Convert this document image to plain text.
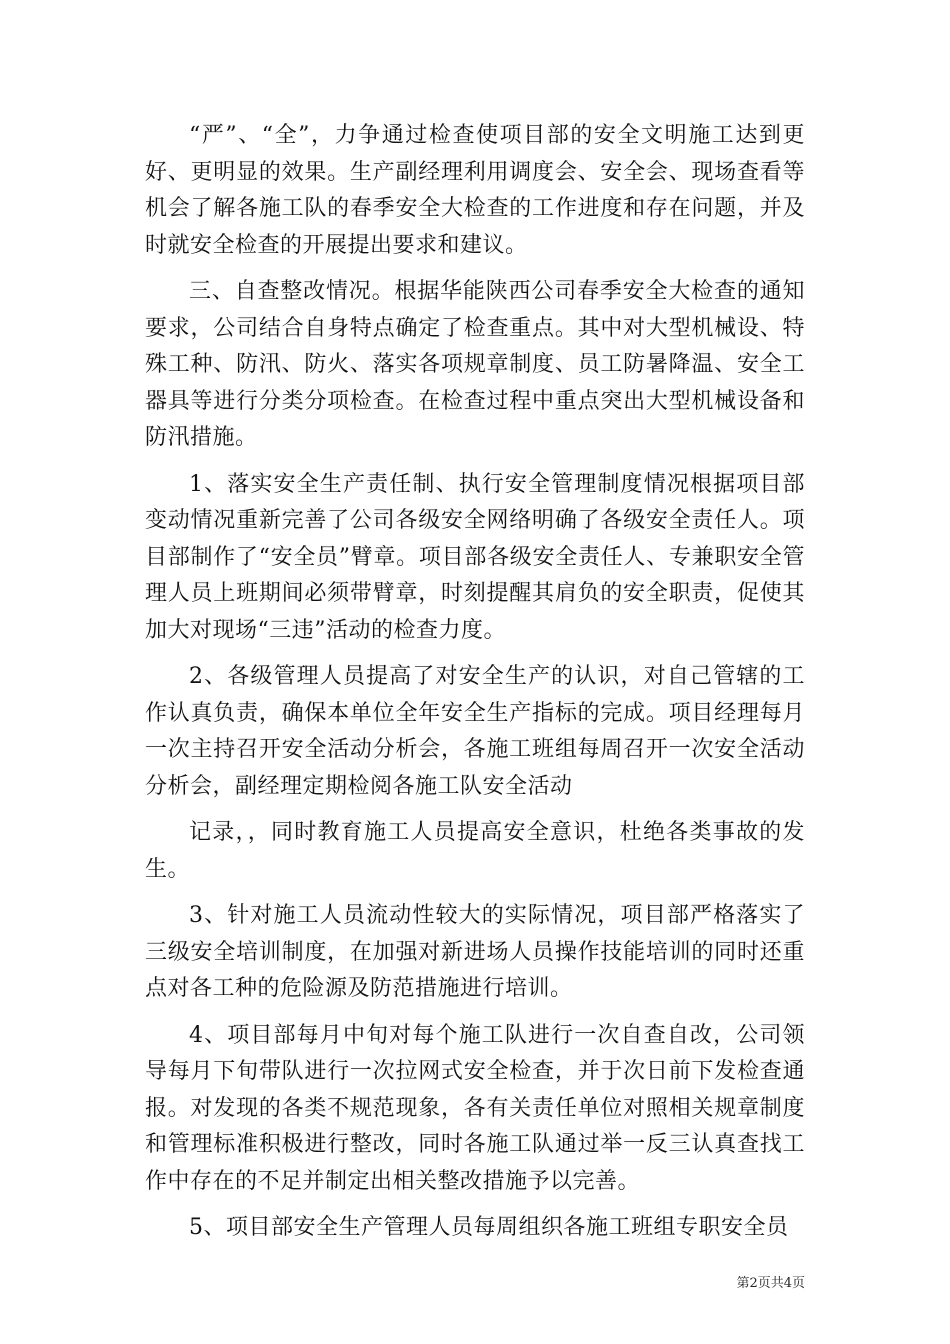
“严”、“全”，力争通过检查使项目部的安全文明施工达到更好、更明显的效果。生产副经理利用调度会、安全会、现场查看等机会了解各施工队的春季安全大检查的工作进度和存在问题，并及时就安全检查的开展提出要求和建议。

三、自查整改情况。根据华能陕西公司春季安全大检查的通知要求，公司结合自身特点确定了检查重点。其中对大型机械设、特殊工种、防汛、防火、落实各项规章制度、员工防暑降温、安全工器具等进行分类分项检查。在检查过程中重点突出大型机械设备和防汛措施。

1、落实安全生产责任制、执行安全管理制度情况根据项目部变动情况重新完善了公司各级安全网络明确了各级安全责任人。项目部制作了“安全员”臂章。项目部各级安全责任人、专兼职安全管理人员上班期间必须带臂章，时刻提醒其肩负的安全职责，促使其加大对现场“三违”活动的检查力度。

2、各级管理人员提高了对安全生产的认识，对自己管辖的工作认真负责，确保本单位全年安全生产指标的完成。项目经理每月一次主持召开安全活动分析会，各施工班组每周召开一次安全活动分析会，副经理定期检阅各施工队安全活动

记录，，同时教育施工人员提高安全意识，杜绝各类事故的发生。

3、针对施工人员流动性较大的实际情况，项目部严格落实了三级安全培训制度，在加强对新进场人员操作技能培训的同时还重点对各工种的危险源及防范措施进行培训。

4、项目部每月中旬对每个施工队进行一次自查自改，公司领导每月下旬带队进行一次拉网式安全检查，并于次日前下发检查通报。对发现的各类不规范现象，各有关责任单位对照相关规章制度和管理标准积极进行整改，同时各施工队通过举一反三认真查找工作中存在的不足并制定出相关整改措施予以完善。

5、项目部安全生产管理人员每周组织各施工班组专职安全员

第2页共4页
